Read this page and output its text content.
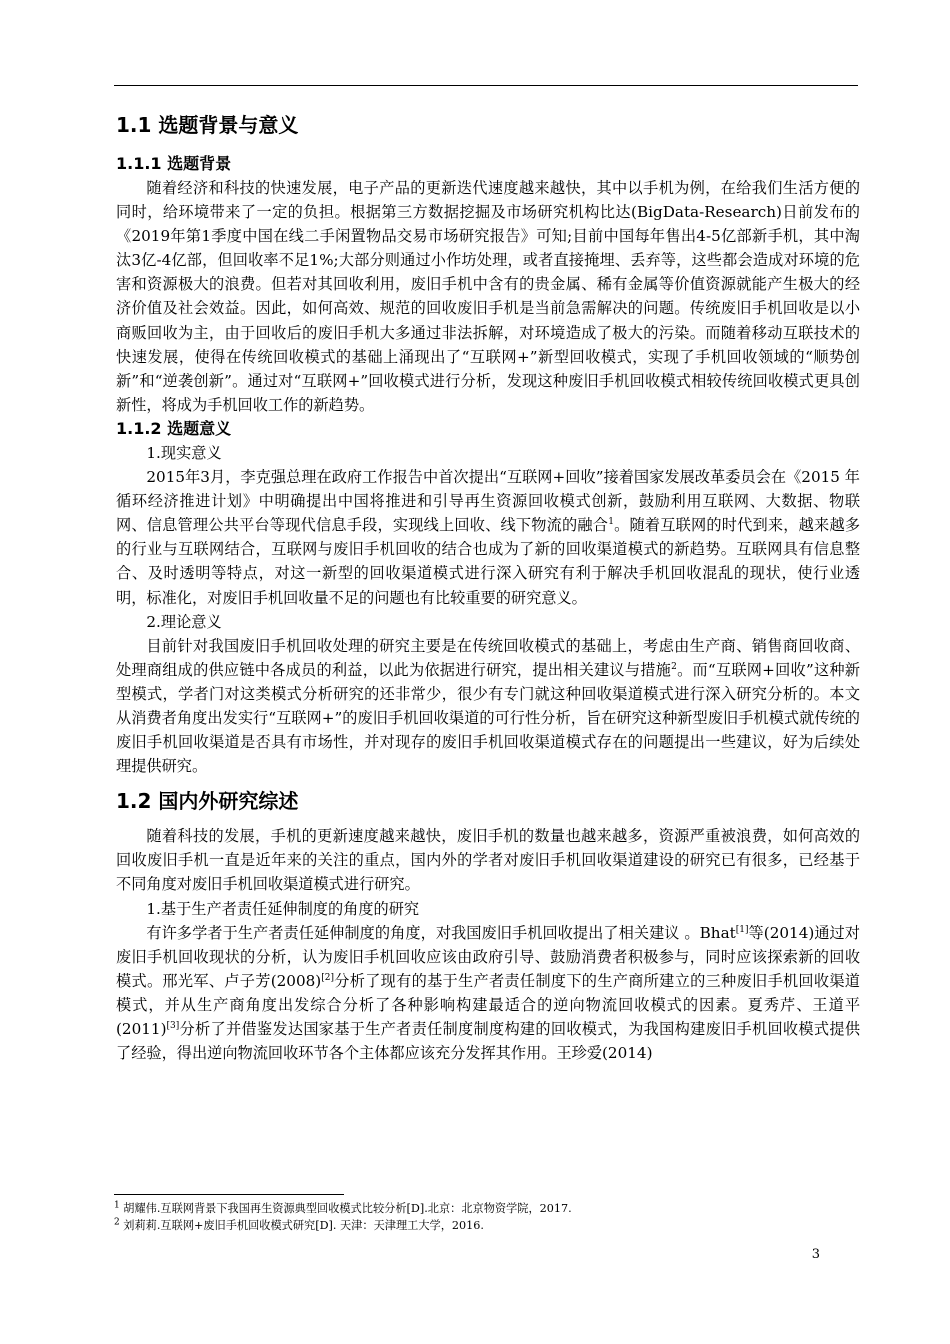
1.1 选题背景与意义
1.1.1 选题背景

随着经济和科技的快速发展，电子产品的更新迭代速度越来越快，其中以手机为例，在给我们生活方便的同时，给环境带来了一定的负担。根据第三方数据挖掘及市场研究机构比达(BigData-Research)日前发布的《2019年第1季度中国在线二手闲置物品交易市场研究报告》可知;目前中国每年售出4-5亿部新手机，其中淘汰3亿-4亿部，但回收率不足1%;大部分则通过小作坊处理，或者直接掩埋、丢弃等，这些都会造成对环境的危害和资源极大的浪费。但若对其回收利用，废旧手机中含有的贵金属、稀有金属等价值资源就能产生极大的经济价值及社会效益。因此，如何高效、规范的回收废旧手机是当前急需解决的问题。传统废旧手机回收是以小商贩回收为主，由于回收后的废旧手机大多通过非法拆解，对环境造成了极大的污染。而随着移动互联技术的快速发展，使得在传统回收模式的基础上涌现出了“互联网+”新型回收模式，实现了手机回收领域的“顺势创新”和“逆袭创新”。通过对“互联网+”回收模式进行分析，发现这种废旧手机回收模式相较传统回收模式更具创新性，将成为手机回收工作的新趋势。

1.1.2 选题意义

1.现实意义

2015年3月，李克强总理在政府工作报告中首次提出“互联网+回收”接着国家发展改革委员会在《2015 年循环经济推进计划》中明确提出中国将推进和引导再生资源回收模式创新，鼓励利用互联网、大数据、物联网、信息管理公共平台等现代信息手段，实现线上回收、线下物流的融合$^1$。随着互联网的时代到来，越来越多的行业与互联网结合，互联网与废旧手机回收的结合也成为了新的回收渠道模式的新趋势。互联网具有信息整合、及时透明等特点，对这一新型的回收渠道模式进行深入研究有利于解决手机回收混乱的现状，使行业透明，标准化，对废旧手机回收量不足的问题也有比较重要的研究意义。

2.理论意义

目前针对我国废旧手机回收处理的研究主要是在传统回收模式的基础上，考虑由生产商、销售商回收商、处理商组成的供应链中各成员的利益，以此为依据进行研究，提出相关建议与措施$^2$。而“互联网+回收”这种新型模式，学者门对这类模式分析研究的还非常少，很少有专门就这种回收渠道模式进行深入研究分析的。本文从消费者角度出发实行“互联网+”的废旧手机回收渠道的可行性分析，旨在研究这种新型废旧手机模式就传统的废旧手机回收渠道是否具有市场性，并对现存的废旧手机回收渠道模式存在的问题提出一些建议，好为后续处理提供研究。

1.2 国内外研究综述

随着科技的发展，手机的更新速度越来越快，废旧手机的数量也越来越多，资源严重被浪费，如何高效的回收废旧手机一直是近年来的关注的重点，国内外的学者对废旧手机回收渠道建设的研究已有很多，已经基于不同角度对废旧手机回收渠道模式进行研究。

1.基于生产者责任延伸制度的角度的研究

有许多学者于生产者责任延伸制度的角度，对我国废旧手机回收提出了相关建议 。Bhat[1]等(2014)通过对废旧手机回收现状的分析，认为废旧手机回收应该由政府引导、鼓励消费者积极参与，同时应该探索新的回收模式。邢光军、卢子芳(2008)[2]分析了现有的基于生产者责任制度下的生产商所建立的三种废旧手机回收渠道模式，并从生产商角度出发综合分析了各种影响构建最适合的逆向物流回收模式的因素。夏秀芹、王道平(2011)[3]分析了并借鉴发达国家基于生产者责任制度制度构建的回收模式，为我国构建废旧手机回收模式提供了经验，得出逆向物流回收环节各个主体都应该充分发挥其作用。王珍爱(2014)

$^1$ 胡耀伟.互联网背景下我国再生资源典型回收模式比较分析[D].北京：北京物资学院，2017.
$^2$ 刘莉莉.互联网+废旧手机回收模式研究[D]. 天津：天津理工大学，2016.
3
